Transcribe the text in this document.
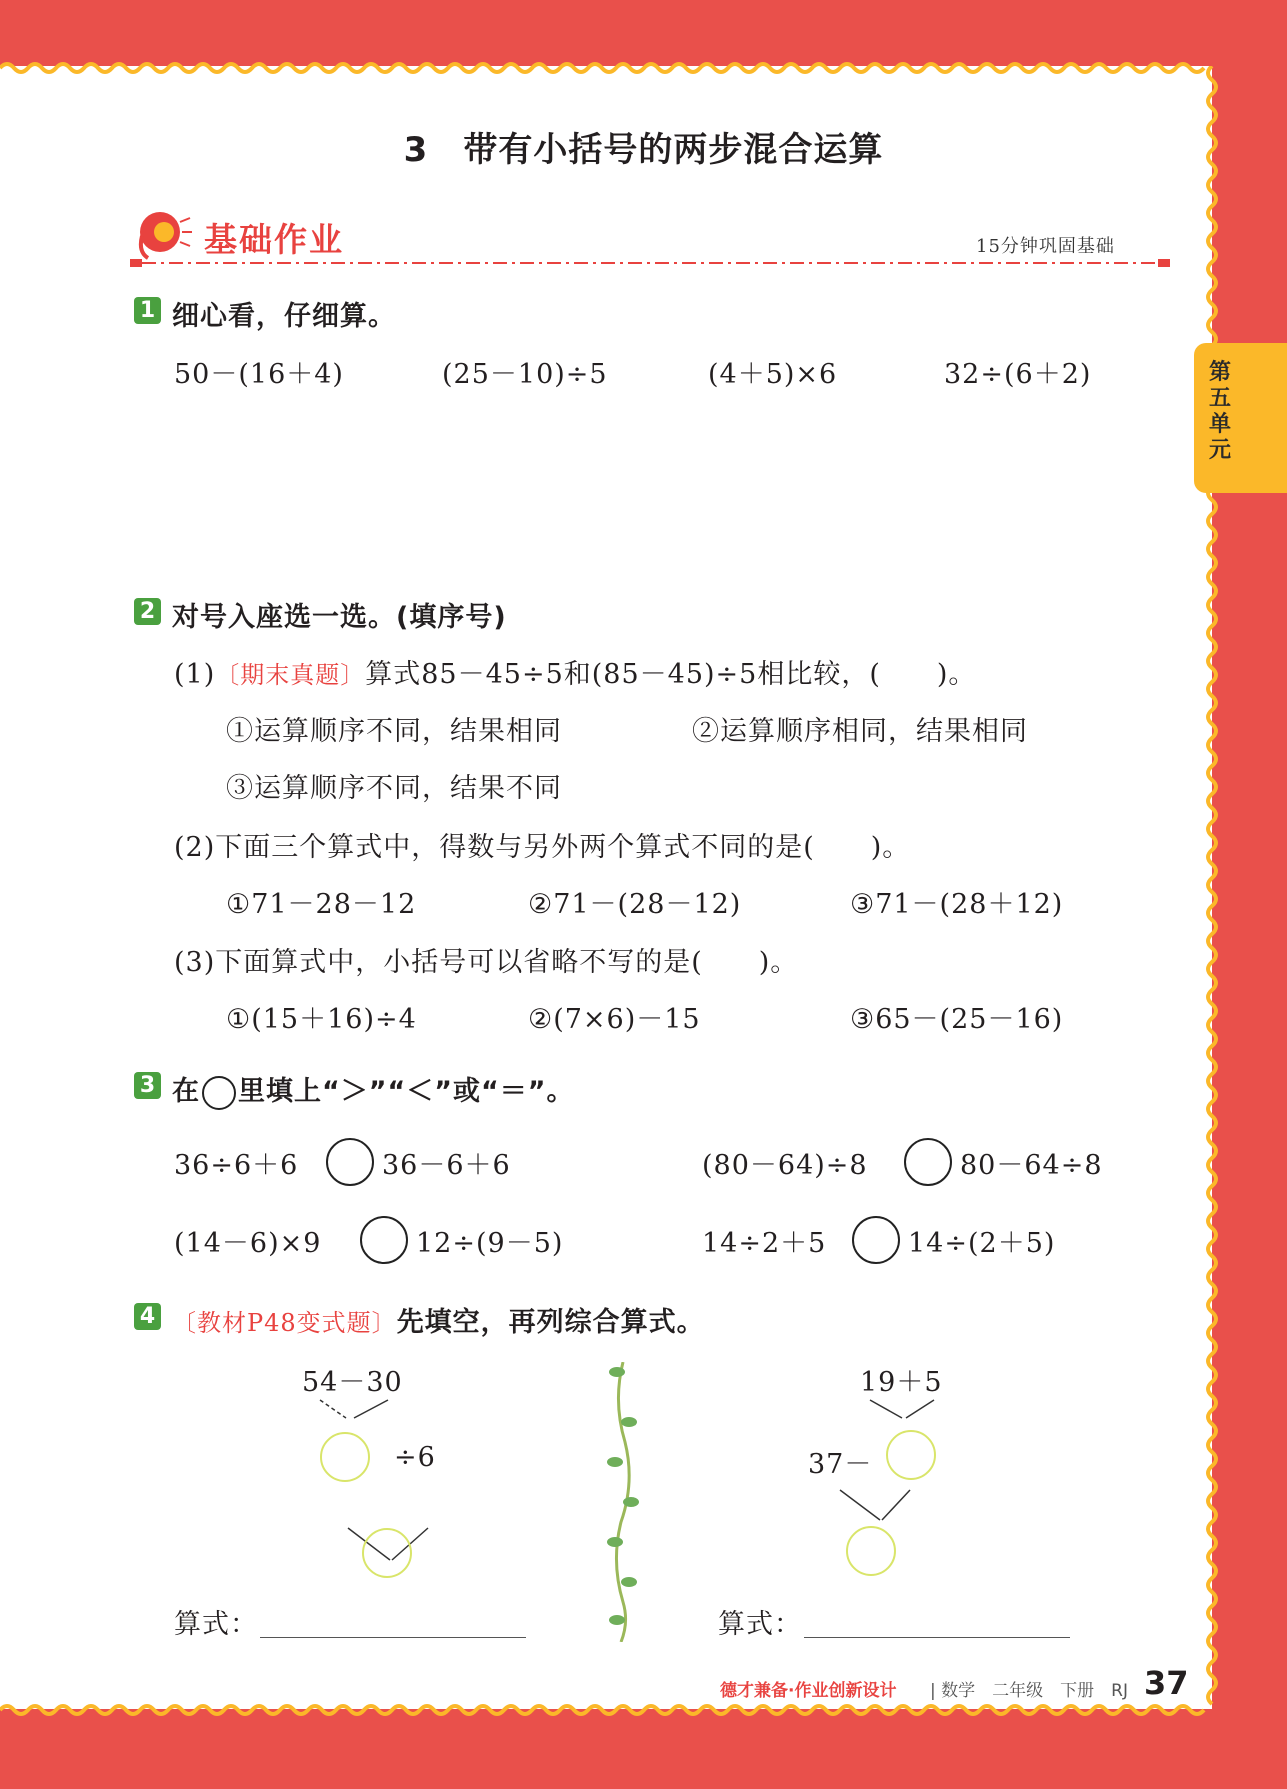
3　带有小括号的两步混合运算
基础作业	15分钟巩固基础
第五单元
1 细心看，仔细算。
50－(16＋4)	(25－10)÷5	(4＋5)×6	32÷(6＋2)
2 对号入座选一选。(填序号)
(1)〔期末真题〕算式85－45÷5和(85－45)÷5相比较，(　　)。
①运算顺序不同，结果相同	②运算顺序相同，结果相同
③运算顺序不同，结果不同
(2)下面三个算式中，得数与另外两个算式不同的是(　　)。
①71－28－12	②71－(28－12)	③71－(28＋12)
(3)下面算式中，小括号可以省略不写的是(　　)。
①(15＋16)÷4	②(7×6)－15	③65－(25－16)
3 在 里填上“＞”“＜”或“＝”。
36÷6＋6	36－6＋6	(80－64)÷8	80－64÷8
(14－6)×9	12÷(9－5)	14÷2＋5	14÷(2＋5)
4 〔教材P48变式题〕先填空，再列综合算式。
54－30
÷6
19＋5
37－
算式：	算式：
德才兼备·作业创新设计 | 数学　二年级　下册　RJ 37
